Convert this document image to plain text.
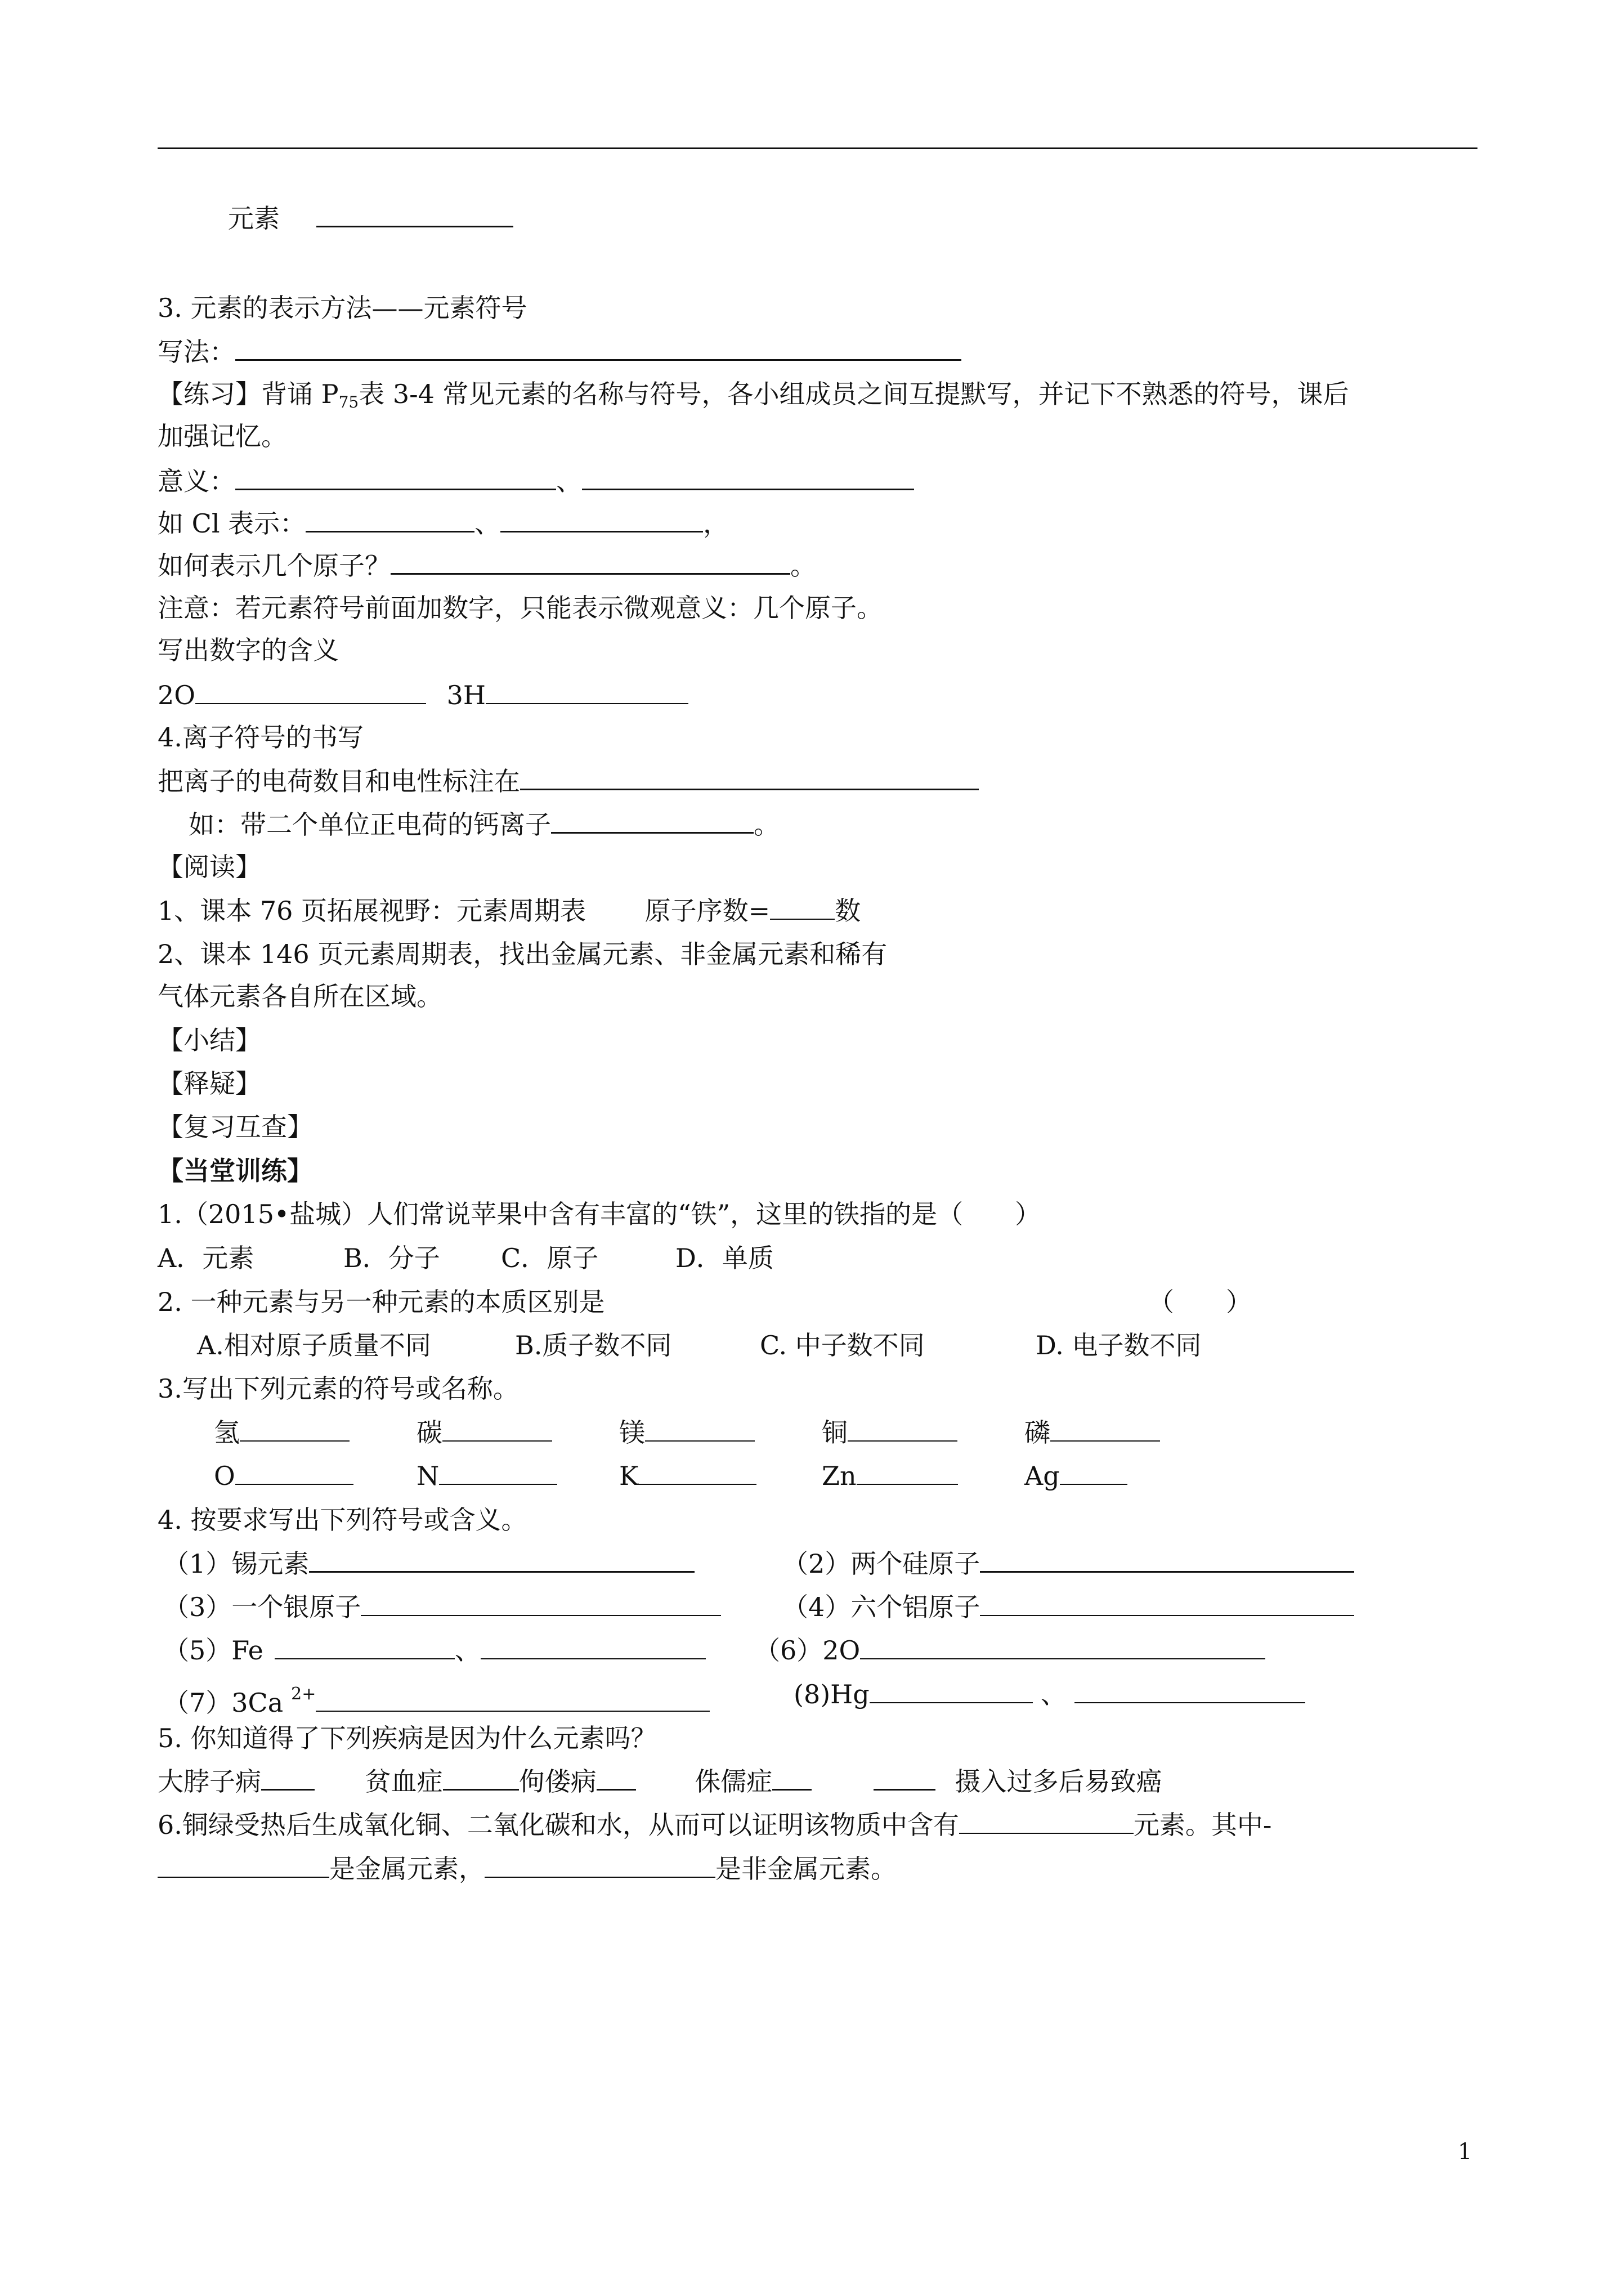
元素
3. 元素的表示方法——元素符号
写法：
【练习】背诵 $P_{75}$表 3-4 常见元素的名称与符号，各小组成员之间互提默写，并记下不熟悉的符号，课后
加强记忆。
意义：	、
如 Cl 表示：	、	，
如何表示几个原子？	。
注意：若元素符号前面加数字，只能表示微观意义：几个原子。
写出数字的含义
2O	3H
4.离子符号的书写
把离子的电荷数目和电性标注在
如：带二个单位正电荷的钙离子	。
【阅读】
1、课本 76 页拓展视野：元素周期表 原子序数=	数
2、课本 146 页元素周期表，找出金属元素、非金属元素和稀有
气体元素各自所在区域。
【小结】
【释疑】
【复习互查】
【当堂训练】
1.（2015•盐城）人们常说苹果中含有丰富的“铁”，这里的铁指的是（　　）
A．元素	B．分子 C．原子	D．单质
2. 一种元素与另一种元素的本质区别是	（　　）
A.相对原子质量不同	B.质子数不同	C. 中子数不同	D. 电子数不同
3.写出下列元素的符号或名称。
氢	碳	镁	铜	磷
O	N	K	Zn	Ag
4. 按要求写出下列符号或含义。
（1）锡元素	（2）两个硅原子
（3）一个银原子	（4）六个铝原子
（5）Fe	、	（6）2O
（7）3Ca $^{2+}$	(8)Hg	、
5. 你知道得了下列疾病是因为什么元素吗？
大脖子病	贫血症	佝偻病	侏儒症	摄入过多后易致癌
6.铜绿受热后生成氧化铜、二氧化碳和水，从而可以证明该物质中含有	元素。其中-
是金属元素，	是非金属元素。
1
